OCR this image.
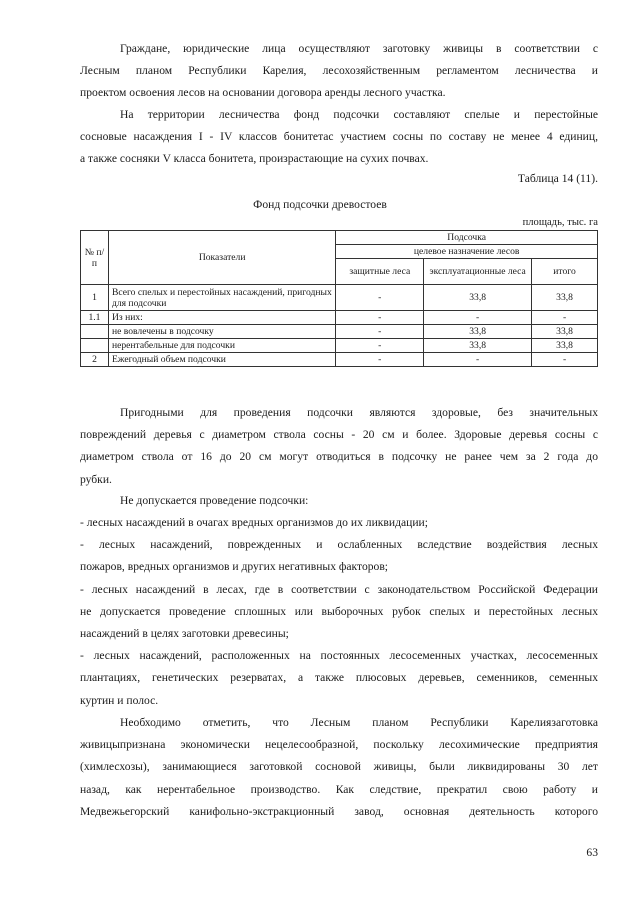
Граждане, юридические лица осуществляют заготовку живицы в соответствии с
Лесным планом Республики Карелия, лесохозяйственным регламентом лесничества и
проектом освоения лесов на основании договора аренды лесного участка.
На территории лесничества фонд подсочки составляют спелые и перестойные
сосновые насаждения I - IV классов бонитетас участием сосны по составу не менее 4 единиц,
а также сосняки V класса бонитета, произрастающие на сухих почвах.
Таблица 14 (11).
Фонд подсочки древостоев
площадь, тыс. га
№ п/п	Показатели	Подсочка		
		целевое назначение лесов		
		защитные леса	эксплуатационные леса	итого
1	Всего спелых и перестойных насаждений, пригодных для подсочки	-	33,8	33,8
1.1	Из них:	-	-	-
	не вовлечены в подсочку	-	33,8	33,8
	нерентабельные для подсочки	-	33,8	33,8
2	Ежегодный объем подсочки	-	-	-
Пригодными для проведения подсочки являются здоровые, без значительных
повреждений деревья с диаметром ствола сосны - 20 см и более. Здоровые деревья сосны с
диаметром ствола от 16 до 20 см могут отводиться в подсочку не ранее чем за 2 года до
рубки.
Не допускается проведение подсочки:
- лесных насаждений в очагах вредных организмов до их ликвидации;
- лесных насаждений, поврежденных и ослабленных вследствие воздействия лесных
пожаров, вредных организмов и других негативных факторов;
- лесных насаждений в лесах, где в соответствии с законодательством Российской Федерации
не допускается проведение сплошных или выборочных рубок спелых и перестойных лесных
насаждений в целях заготовки древесины;
- лесных насаждений, расположенных на постоянных лесосеменных участках, лесосеменных
плантациях, генетических резерватах, а также плюсовых деревьев, семенников, семенных
куртин и полос.
Необходимо отметить, что Лесным планом Республики Карелиязаготовка
живицыпризнана экономически нецелесообразной, поскольку лесохимические предприятия
(химлесхозы), занимающиеся заготовкой сосновой живицы, были ликвидированы 30 лет
назад, как нерентабельное производство. Как следствие, прекратил свою работу и
Медвежьегорский канифольно-экстракционный завод, основная деятельность которого
63
